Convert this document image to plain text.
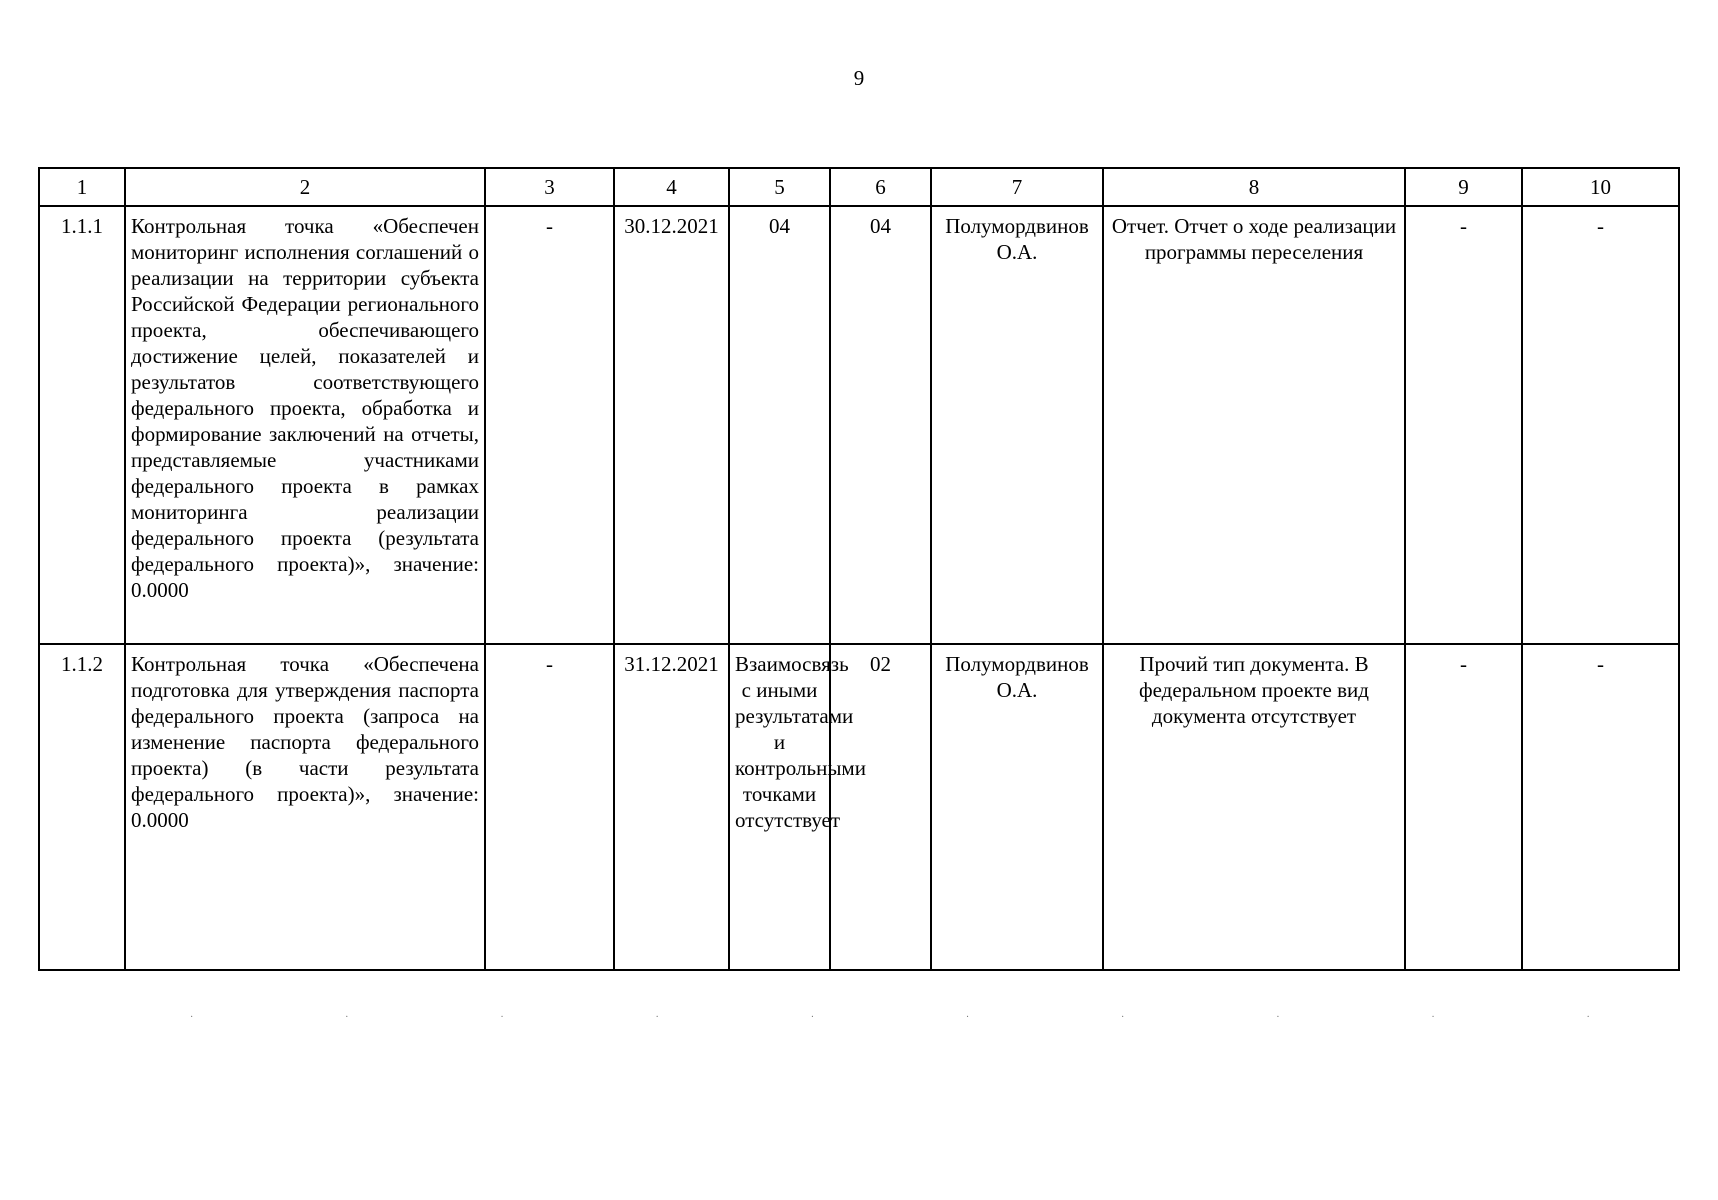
9
1	2	3	4	5	6	7	8	9	10
1.1.1	Контрольная точка «Обеспечен мониторинг исполнения соглашений о реализации на территории субъекта Российской Федерации регионального проекта, обеспечивающего достижение целей, показателей и результатов соответствующего федерального проекта, обработка и формирование заключений на отчеты, представляемые участниками федерального проекта в рамках мониторинга реализации федерального проекта (результата федерального проекта)», значение: 0.0000	-	30.12.2021	04	04	Полумордвинов О.А.	Отчет. Отчет о ходе реализации программы переселения	-	-
1.1.2	Контрольная точка «Обеспечена подготовка для утверждения паспорта федерального проекта (запроса на изменение паспорта федерального проекта) (в части результата федерального проекта)», значение: 0.0000	-	31.12.2021	Взаимосвязь с иными результатами и контрольными точками отсутствует	02	Полумордвинов О.А.	Прочий тип документа. В федеральном проекте вид документа отсутствует	-	-
·	·	·	·	·	·	·	·	·	·
